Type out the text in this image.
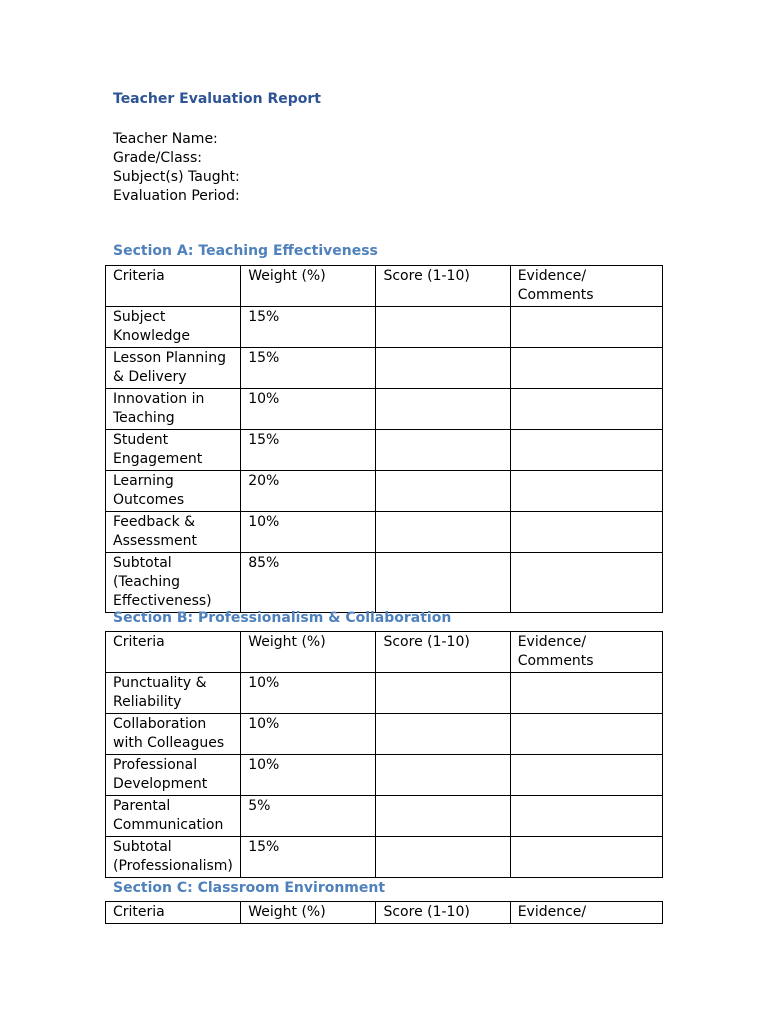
Teacher Evaluation Report
Teacher Name:
Grade/Class:
Subject(s) Taught:
Evaluation Period:
Section A: Teaching Effectiveness
Criteria	Weight (%)	Score (1-10)	Evidence/ Comments
Subject Knowledge	15%		
Lesson Planning & Delivery	15%		
Innovation in Teaching	10%		
Student Engagement	15%		
Learning Outcomes	20%		
Feedback & Assessment	10%		
Subtotal (Teaching Effectiveness)	85%		
Section B: Professionalism & Collaboration
Criteria	Weight (%)	Score (1-10)	Evidence/ Comments
Punctuality & Reliability	10%		
Collaboration with Colleagues	10%		
Professional Development	10%		
Parental Communication	5%		
Subtotal (Professionalism)	15%		
Section C: Classroom Environment
Criteria	Weight (%)	Score (1-10)	Evidence/
